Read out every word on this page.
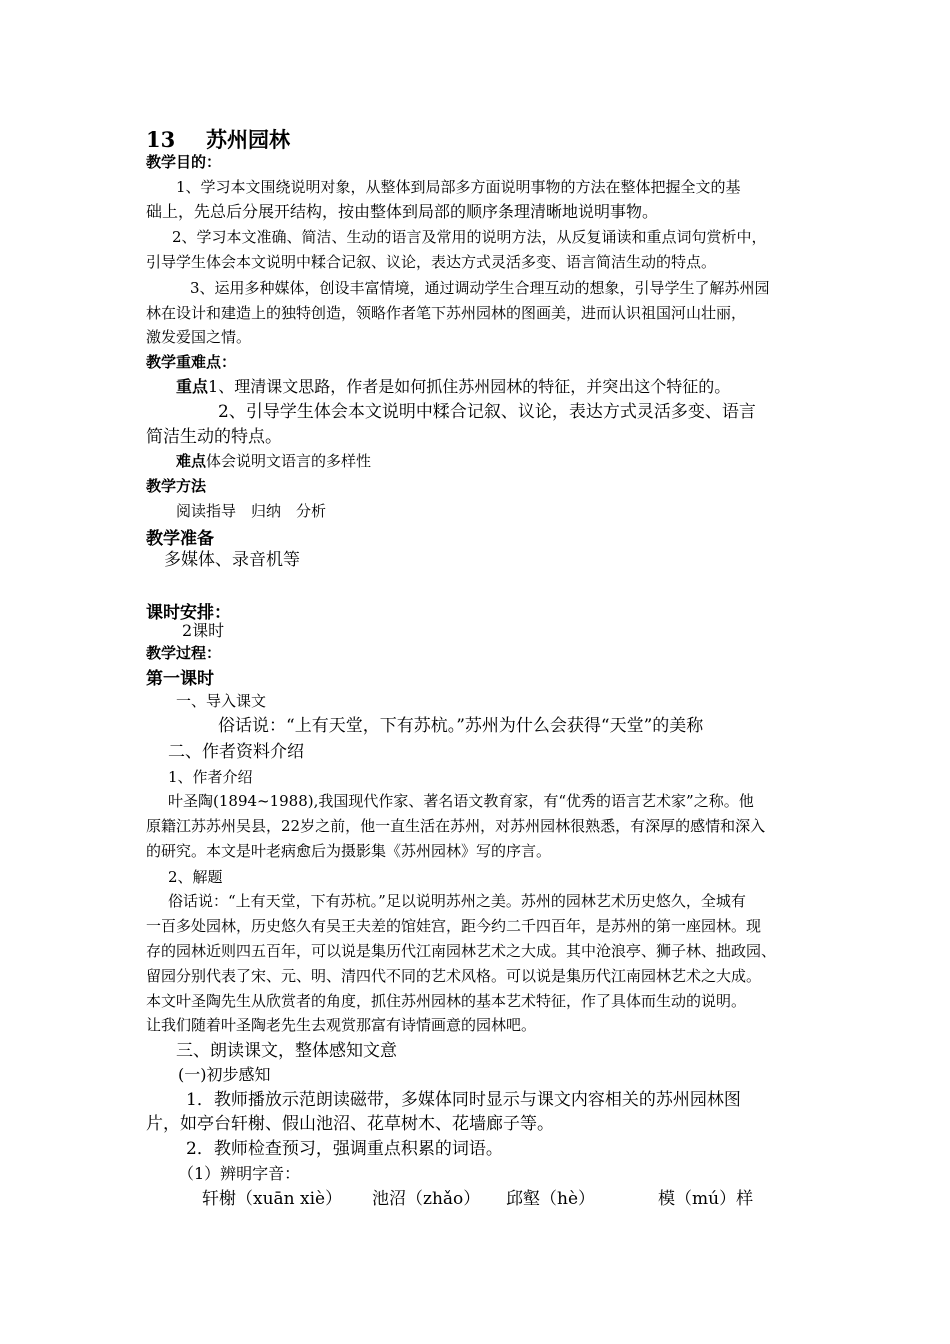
13 苏州园林
教学目的：
1、学习本文围绕说明对象，从整体到局部多方面说明事物的方法在整体把握全文的基
础上，先总后分展开结构，按由整体到局部的顺序条理清晰地说明事物。
2、学习本文准确、简洁、生动的语言及常用的说明方法，从反复诵读和重点词句赏析中，
引导学生体会本文说明中糅合记叙、议论，表达方式灵活多变、语言简洁生动的特点。
3、运用多种媒体，创设丰富情境，通过调动学生合理互动的想象，引导学生了解苏州园
林在设计和建造上的独特创造，领略作者笔下苏州园林的图画美，进而认识祖国河山壮丽，
激发爱国之情。
教学重难点：
重点1、理清课文思路，作者是如何抓住苏州园林的特征，并突出这个特征的。
2、引导学生体会本文说明中糅合记叙、议论，表达方式灵活多变、语言
简洁生动的特点。
难点体会说明文语言的多样性
教学方法
阅读指导　归纳　分析
教学准备
多媒体、录音机等
课时安排：
2课时
教学过程：
第一课时
一、导入课文
俗话说：“上有天堂，下有苏杭。”苏州为什么会获得“天堂”的美称
二、作者资料介绍
1、作者介绍
叶圣陶(1894~1988),我国现代作家、著名语文教育家，有“优秀的语言艺术家”之称。他
原籍江苏苏州吴县，22岁之前，他一直生活在苏州，对苏州园林很熟悉，有深厚的感情和深入
的研究。本文是叶老病愈后为摄影集《苏州园林》写的序言。
2、解题
俗话说：“上有天堂，下有苏杭。”足以说明苏州之美。苏州的园林艺术历史悠久，全城有
一百多处园林，历史悠久有吴王夫差的馆娃宫，距今约二千四百年，是苏州的第一座园林。现
存的园林近则四五百年，可以说是集历代江南园林艺术之大成。其中沧浪亭、狮子林、拙政园、
留园分别代表了宋、元、明、清四代不同的艺术风格。可以说是集历代江南园林艺术之大成。
本文叶圣陶先生从欣赏者的角度，抓住苏州园林的基本艺术特征，作了具体而生动的说明。
让我们随着叶圣陶老先生去观赏那富有诗情画意的园林吧。
三、朗读课文，整体感知文意
(一)初步感知
1．教师播放示范朗读磁带，多媒体同时显示与课文内容相关的苏州园林图
片，如亭台轩榭、假山池沼、花草树木、花墙廊子等。
2．教师检查预习，强调重点积累的词语。
（1）辨明字音：
轩榭（xuān xiè） 池沼（zhǎo） 邱壑（hè）	模（mú）样
